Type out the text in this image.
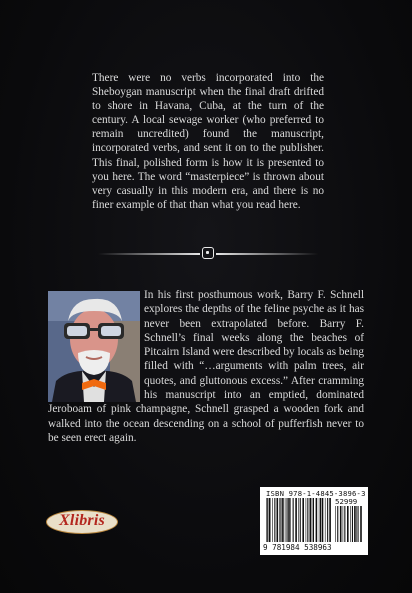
There were no verbs incorporated into the Sheboygan manuscript when the final draft drifted to shore in Havana, Cuba, at the turn of the century. A local sewage worker (who preferred to remain uncredited) found the manuscript, incorporated verbs, and sent it on to the publisher. This final, polished form is how it is presented to you here. The word “masterpiece” is thrown about very casually in this modern era, and there is no finer example of that than what you read here.

In his first posthumous work, Barry F. Schnell explores the depths of the feline psyche as it has never been extrapolated before. Barry F. Schnell’s final weeks along the beaches of Pitcairn Island were described by locals as being filled with “…arguments with palm trees, air quotes, and gluttonous excess.” After cramming his manuscript into an emptied, dominated Jeroboam of pink champagne, Schnell grasped a wooden fork and walked into the ocean descending on a school of pufferfish never to be seen erect again.
Xlibris
ISBN 978-1-4845-3896-3
52999
9 781984 538963
